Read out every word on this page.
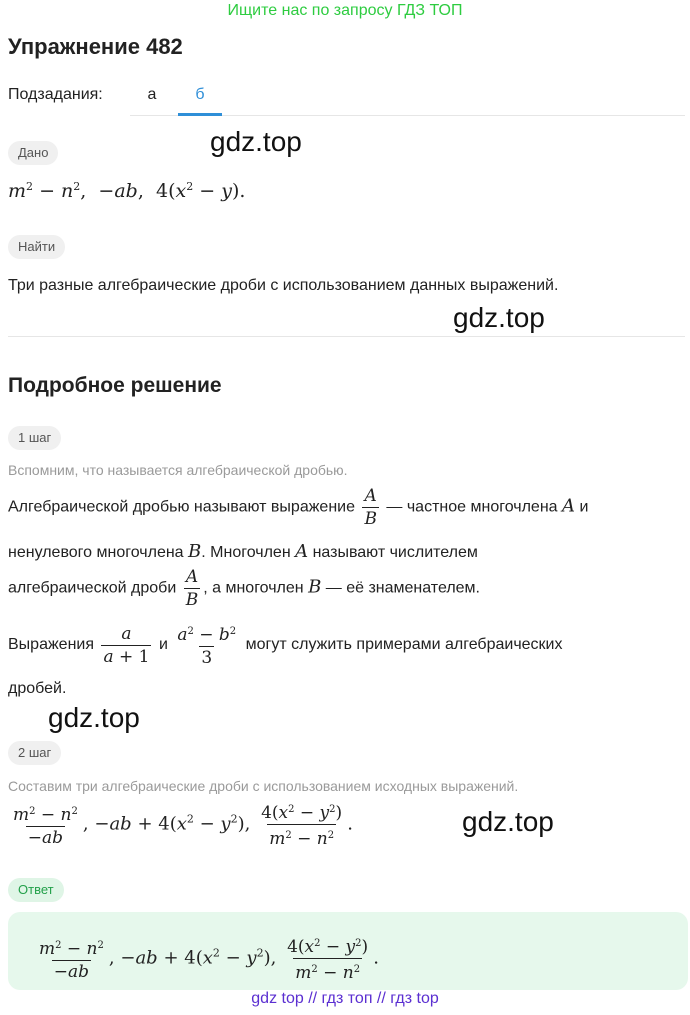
Ищите нас по запросу ГДЗ ТОП
Упражнение 482
Подзадания:	а	б
Дано	gdz.top
$m^2 - n^2$, −ab, $4(x^2 - y)$.
Найти
Три разные алгебраические дроби с использованием данных выражений.
gdz.top
Подробное решение
1 шаг
Вспомним, что называется алгебраической дробью.
Алгебраической дробью называют выражение $\frac{A}{B}$ — частное многочлена A и
ненулевого многочлена B. Многочлен A называют числителем
алгебраической дроби $\frac{A}{B}$ , а многочлен B — её знаменателем.
Выражения $\frac{a}{a + 1}$ и $\frac{a^2 - b^2}{3}$ могут служить примерами алгебраических
дробей.
gdz.top
2 шаг
Составим три алгебраические дроби с использованием исходных выражений.
$\frac{m^2 - n^2}{-ab}$ , $-ab + 4(x^2 - y^2)$, $\frac{4(x^2 - y^2)}{m^2 - n^2}$ .	gdz.top
Ответ
$\frac{m^2 - n^2}{-ab}$ , $-ab + 4(x^2 - y^2)$, $\frac{4(x^2 - y^2)}{m^2 - n^2}$ .
gdz top // гдз топ // гдз top
